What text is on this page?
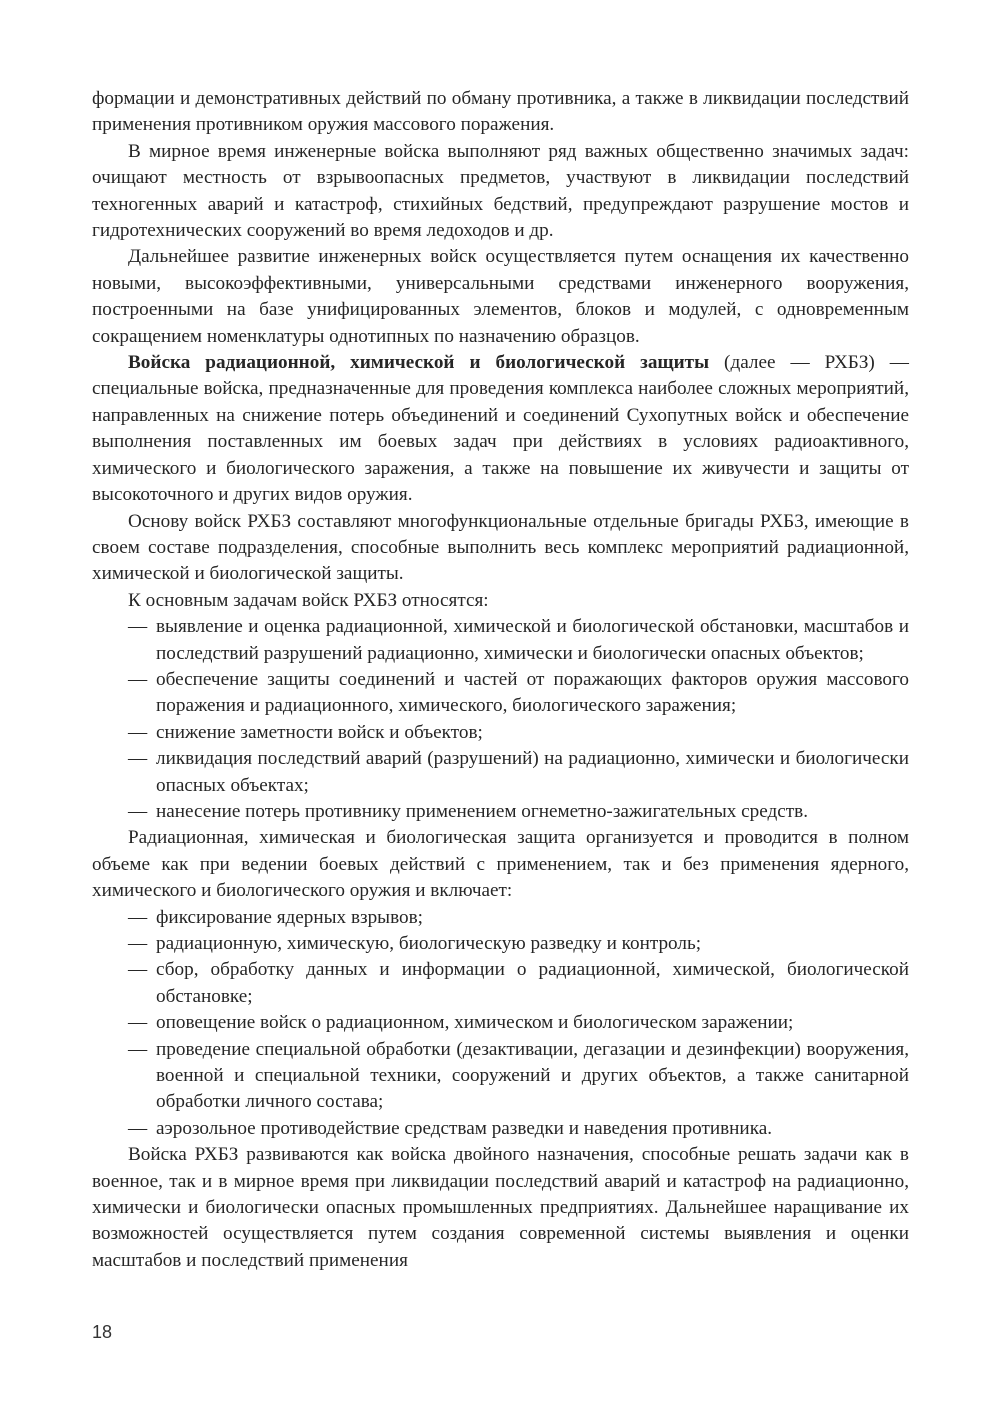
формации и демонстративных действий по обману противника, а также в ликвидации последствий применения противником оружия массового поражения.

В мирное время инженерные войска выполняют ряд важных общественно значимых задач: очищают местность от взрывоопасных предметов, участвуют в ликвидации последствий техногенных аварий и катастроф, стихийных бедствий, предупреждают разрушение мостов и гидротехнических сооружений во время ледоходов и др.

Дальнейшее развитие инженерных войск осуществляется путем оснащения их качественно новыми, высокоэффективными, универсальными средствами инженерного вооружения, построенными на базе унифицированных элементов, блоков и модулей, с одновременным сокращением номенклатуры однотипных по назначению образцов.

Войска радиационной, химической и биологической защиты (далее — РХБЗ) — специальные войска, предназначенные для проведения комплекса наиболее сложных мероприятий, направленных на снижение потерь объединений и соединений Сухопутных войск и обеспечение выполнения поставленных им боевых задач при действиях в условиях радиоактивного, химического и биологического заражения, а также на повышение их живучести и защиты от высокоточного и других видов оружия.

Основу войск РХБЗ составляют многофункциональные отдельные бригады РХБЗ, имеющие в своем составе подразделения, способные выполнить весь комплекс мероприятий радиационной, химической и биологической защиты.

К основным задачам войск РХБЗ относятся:

— выявление и оценка радиационной, химической и биологической обстановки, масштабов и последствий разрушений радиационно, химически и биологически опасных объектов;
— обеспечение защиты соединений и частей от поражающих факторов оружия массового поражения и радиационного, химического, биологического заражения;
— снижение заметности войск и объектов;
— ликвидация последствий аварий (разрушений) на радиационно, химически и биологически опасных объектах;
— нанесение потерь противнику применением огнеметно-зажигательных средств.

Радиационная, химическая и биологическая защита организуется и проводится в полном объеме как при ведении боевых действий с применением, так и без применения ядерного, химического и биологического оружия и включает:

— фиксирование ядерных взрывов;
— радиационную, химическую, биологическую разведку и контроль;
— сбор, обработку данных и информации о радиационной, химической, биологической обстановке;
— оповещение войск о радиационном, химическом и биологическом заражении;
— проведение специальной обработки (дезактивации, дегазации и дезинфекции) вооружения, военной и специальной техники, сооружений и других объектов, а также санитарной обработки личного состава;
— аэрозольное противодействие средствам разведки и наведения противника.

Войска РХБЗ развиваются как войска двойного назначения, способные решать задачи как в военное, так и в мирное время при ликвидации последствий аварий и катастроф на радиационно, химически и биологически опасных промышленных предприятиях. Дальнейшее наращивание их возможностей осуществляется путем создания современной системы выявления и оценки масштабов и последствий применения

18
